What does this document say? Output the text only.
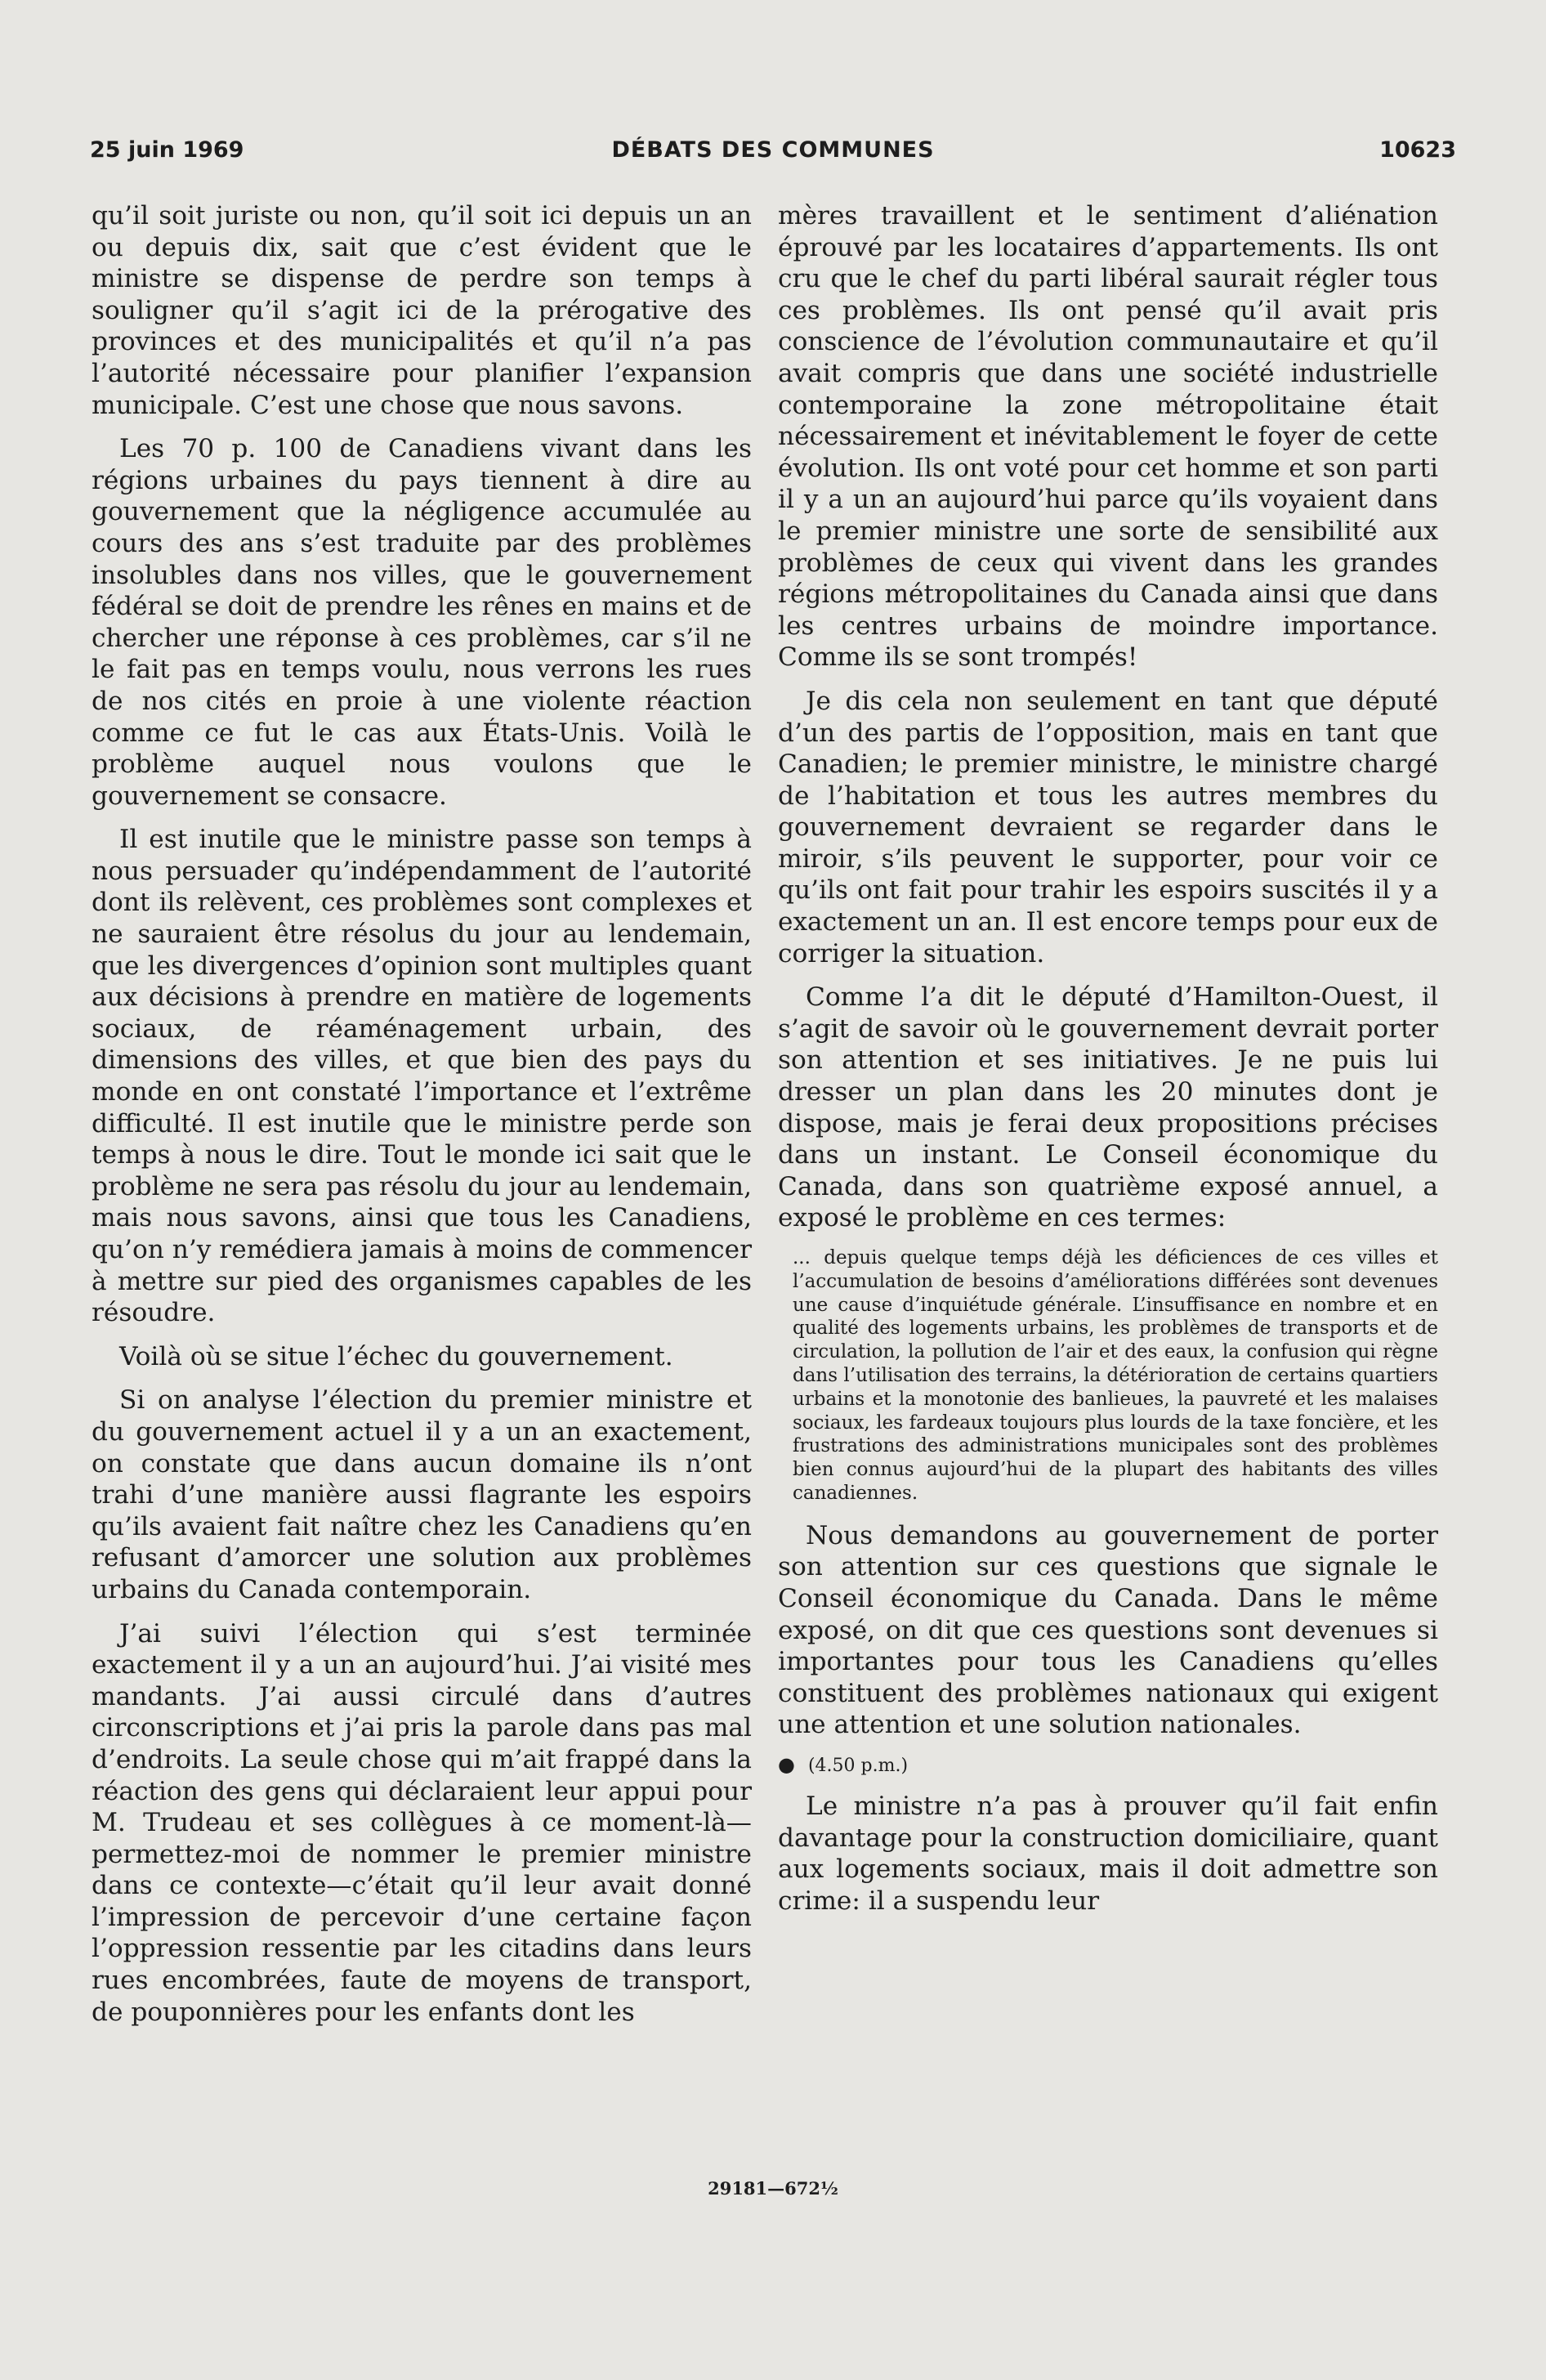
25 juin 1969	DÉBATS DES COMMUNES	10623

qu’il soit juriste ou non, qu’il soit ici depuis un an ou depuis dix, sait que c’est évident que le ministre se dispense de perdre son temps à souligner qu’il s’agit ici de la prérogative des provinces et des municipalités et qu’il n’a pas l’autorité nécessaire pour planifier l’expansion municipale. C’est une chose que nous savons.

Les 70 p. 100 de Canadiens vivant dans les régions urbaines du pays tiennent à dire au gouvernement que la négligence accumulée au cours des ans s’est traduite par des problèmes insolubles dans nos villes, que le gouvernement fédéral se doit de prendre les rênes en mains et de chercher une réponse à ces problèmes, car s’il ne le fait pas en temps voulu, nous verrons les rues de nos cités en proie à une violente réaction comme ce fut le cas aux États-Unis. Voilà le problème auquel nous voulons que le gouvernement se consacre.

Il est inutile que le ministre passe son temps à nous persuader qu’indépendamment de l’autorité dont ils relèvent, ces problèmes sont complexes et ne sauraient être résolus du jour au lendemain, que les divergences d’opinion sont multiples quant aux décisions à prendre en matière de logements sociaux, de réaménagement urbain, des dimensions des villes, et que bien des pays du monde en ont constaté l’importance et l’extrême difficulté. Il est inutile que le ministre perde son temps à nous le dire. Tout le monde ici sait que le problème ne sera pas résolu du jour au lendemain, mais nous savons, ainsi que tous les Canadiens, qu’on n’y remédiera jamais à moins de commencer à mettre sur pied des organismes capables de les résoudre.

Voilà où se situe l’échec du gouvernement.

Si on analyse l’élection du premier ministre et du gouvernement actuel il y a un an exactement, on constate que dans aucun domaine ils n’ont trahi d’une manière aussi flagrante les espoirs qu’ils avaient fait naître chez les Canadiens qu’en refusant d’amorcer une solution aux problèmes urbains du Canada contemporain.

J’ai suivi l’élection qui s’est terminée exactement il y a un an aujourd’hui. J’ai visité mes mandants. J’ai aussi circulé dans d’autres circonscriptions et j’ai pris la parole dans pas mal d’endroits. La seule chose qui m’ait frappé dans la réaction des gens qui déclaraient leur appui pour M. Trudeau et ses collègues à ce moment-là—permettez-moi de nommer le premier ministre dans ce contexte—c’était qu’il leur avait donné l’impression de percevoir d’une certaine façon l’oppression ressentie par les citadins dans leurs rues encombrées, faute de moyens de transport, de pouponnières pour les enfants dont les

mères travaillent et le sentiment d’aliénation éprouvé par les locataires d’appartements. Ils ont cru que le chef du parti libéral saurait régler tous ces problèmes. Ils ont pensé qu’il avait pris conscience de l’évolution communautaire et qu’il avait compris que dans une société industrielle contemporaine la zone métropolitaine était nécessairement et inévitablement le foyer de cette évolution. Ils ont voté pour cet homme et son parti il y a un an aujourd’hui parce qu’ils voyaient dans le premier ministre une sorte de sensibilité aux problèmes de ceux qui vivent dans les grandes régions métropolitaines du Canada ainsi que dans les centres urbains de moindre importance. Comme ils se sont trompés!

Je dis cela non seulement en tant que député d’un des partis de l’opposition, mais en tant que Canadien; le premier ministre, le ministre chargé de l’habitation et tous les autres membres du gouvernement devraient se regarder dans le miroir, s’ils peuvent le supporter, pour voir ce qu’ils ont fait pour trahir les espoirs suscités il y a exactement un an. Il est encore temps pour eux de corriger la situation.

Comme l’a dit le député d’Hamilton-Ouest, il s’agit de savoir où le gouvernement devrait porter son attention et ses initiatives. Je ne puis lui dresser un plan dans les 20 minutes dont je dispose, mais je ferai deux propositions précises dans un instant. Le Conseil économique du Canada, dans son quatrième exposé annuel, a exposé le problème en ces termes:

... depuis quelque temps déjà les déficiences de ces villes et l’accumulation de besoins d’améliorations différées sont devenues une cause d’inquiétude générale. L’insuffisance en nombre et en qualité des logements urbains, les problèmes de transports et de circulation, la pollution de l’air et des eaux, la confusion qui règne dans l’utilisation des terrains, la détérioration de certains quartiers urbains et la monotonie des banlieues, la pauvreté et les malaises sociaux, les fardeaux toujours plus lourds de la taxe foncière, et les frustrations des administrations municipales sont des problèmes bien connus aujourd’hui de la plupart des habitants des villes canadiennes.

Nous demandons au gouvernement de porter son attention sur ces questions que signale le Conseil économique du Canada. Dans le même exposé, on dit que ces questions sont devenues si importantes pour tous les Canadiens qu’elles constituent des problèmes nationaux qui exigent une attention et une solution nationales.

● (4.50 p.m.)

Le ministre n’a pas à prouver qu’il fait enfin davantage pour la construction domiciliaire, quant aux logements sociaux, mais il doit admettre son crime: il a suspendu leur

29181—672½
